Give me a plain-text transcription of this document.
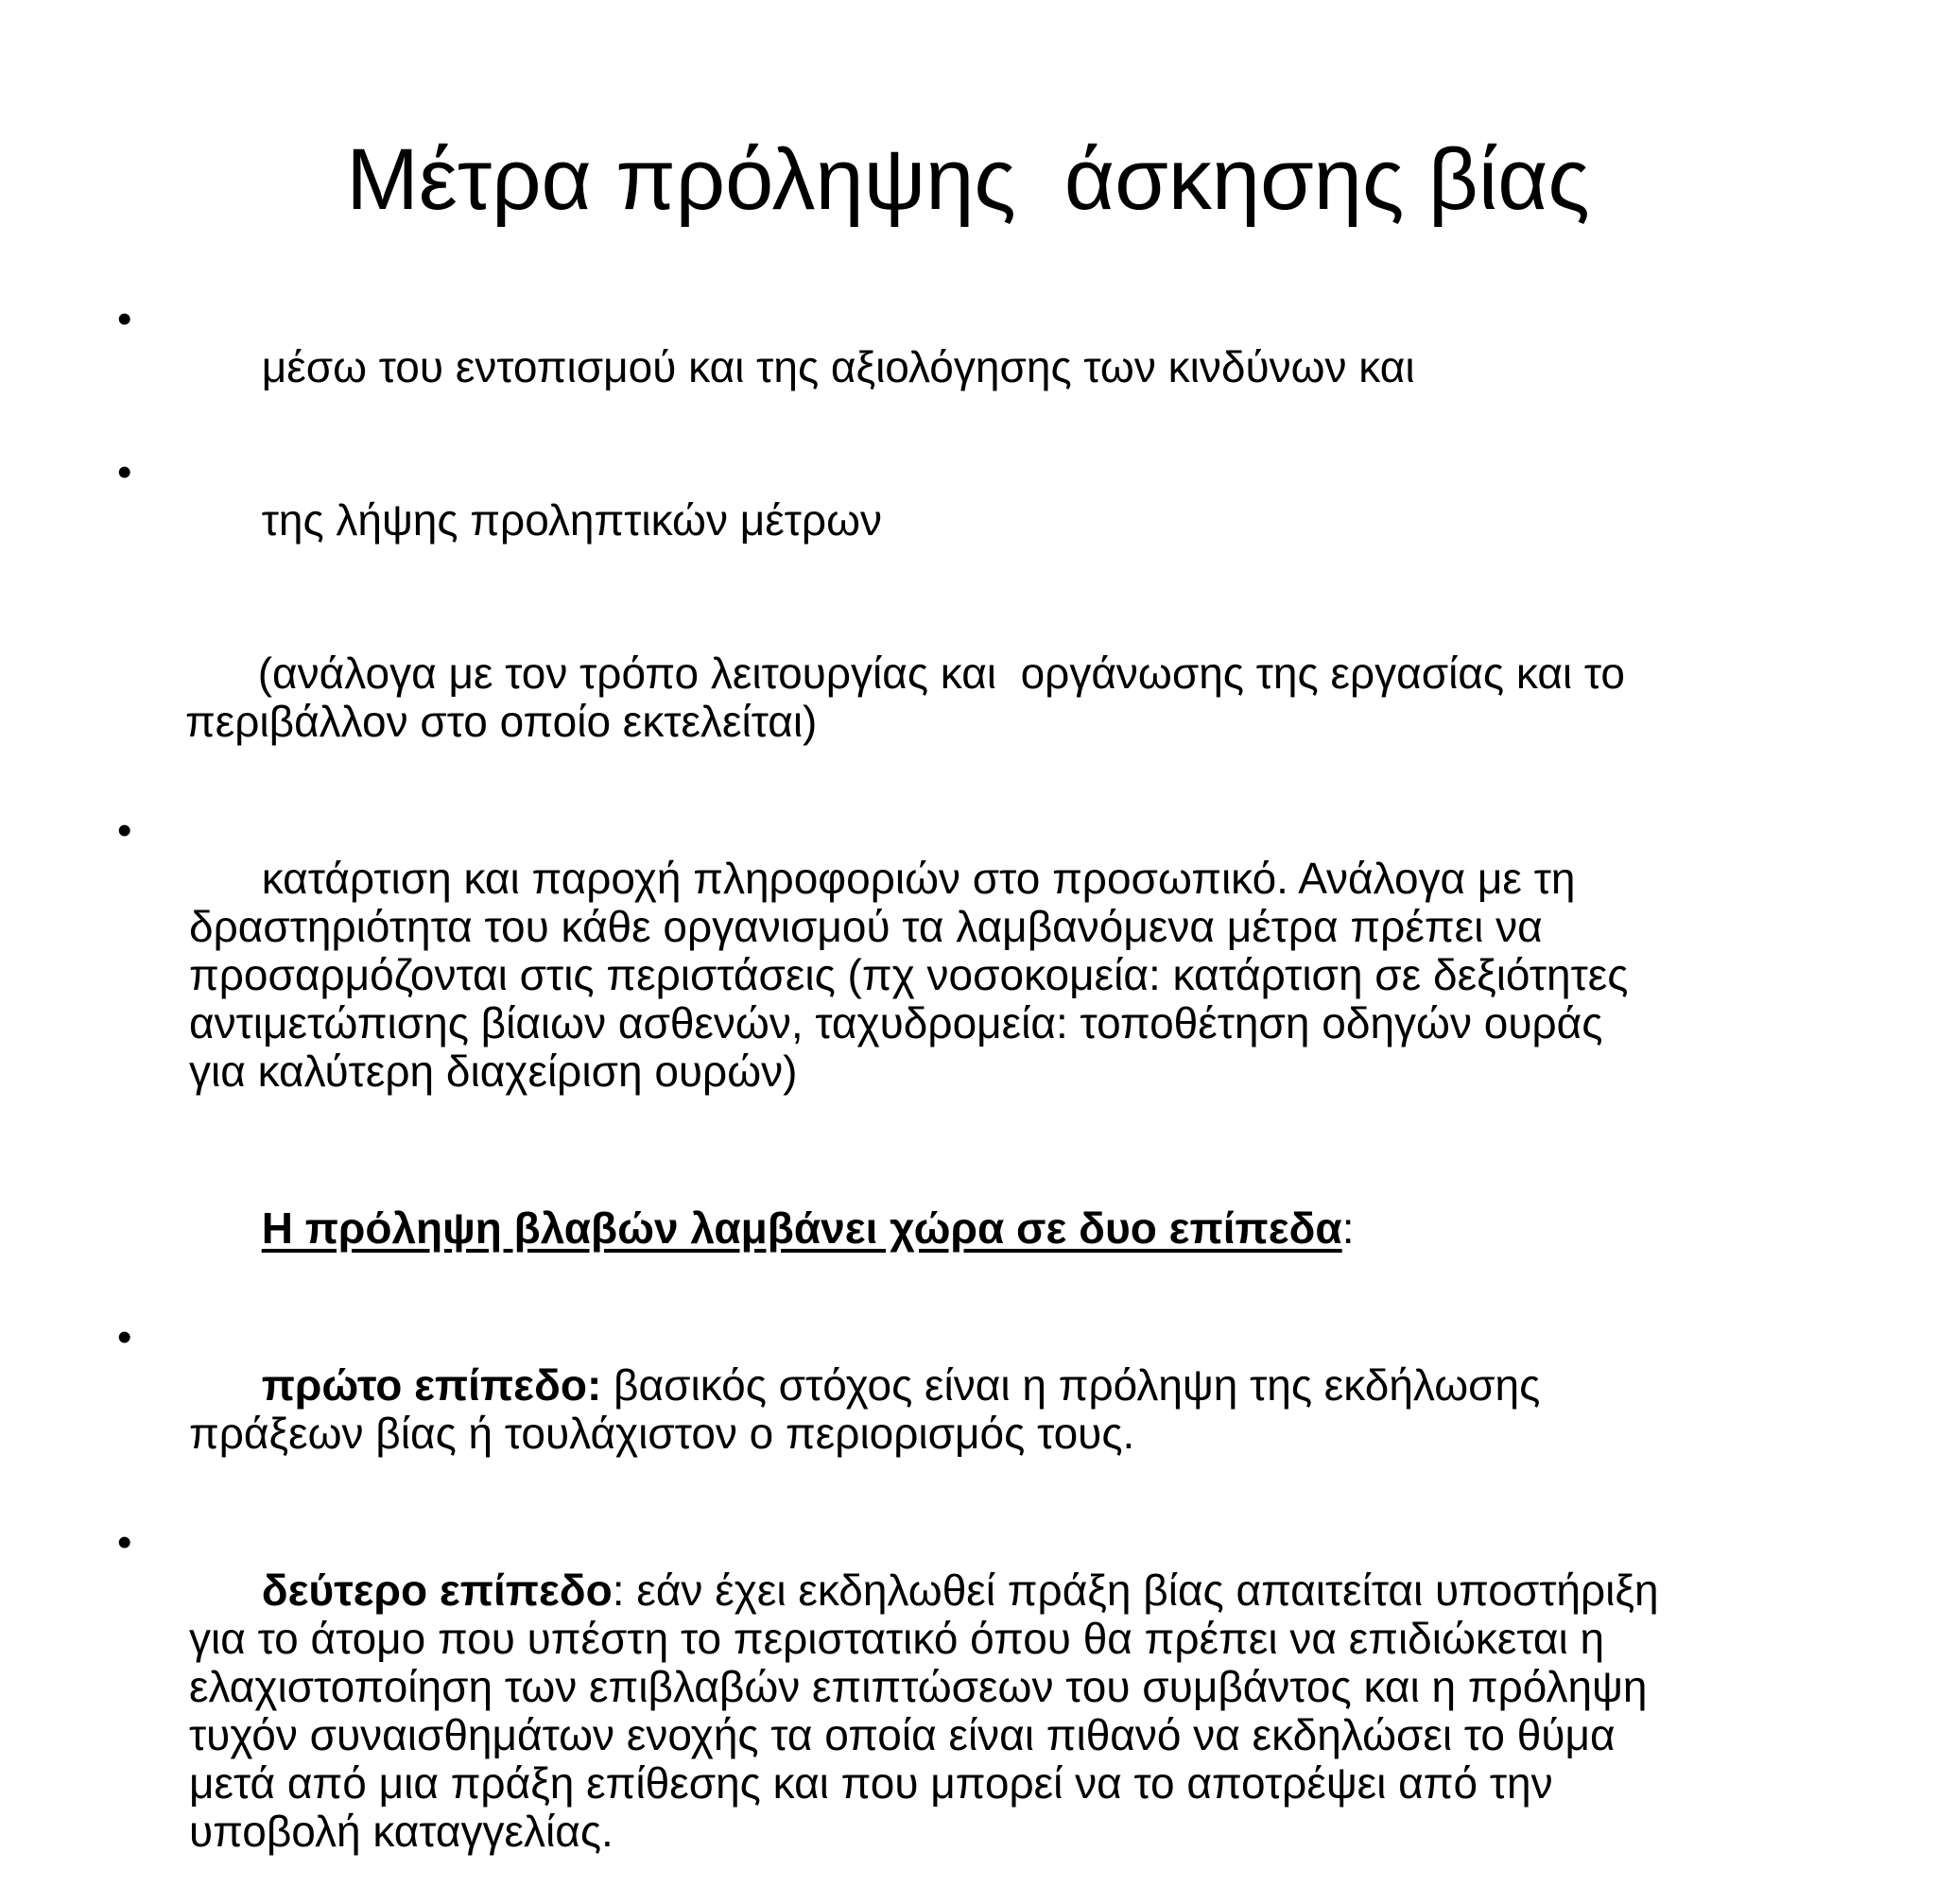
Μέτρα πρόληψης  άσκησης βίας

• μέσω του εντοπισμού και της αξιολόγησης των κινδύνων και

• της λήψης προληπτικών μέτρων

(ανάλογα με τον τρόπο λειτουργίας και  οργάνωσης της εργασίας και το
περιβάλλον στο οποίο εκτελείται)

• κατάρτιση και παροχή πληροφοριών στο προσωπικό. Ανάλογα με τη
δραστηριότητα του κάθε οργανισμού τα λαμβανόμενα μέτρα πρέπει να
προσαρμόζονται στις περιστάσεις (πχ νοσοκομεία: κατάρτιση σε δεξιότητες
αντιμετώπισης βίαιων ασθενών, ταχυδρομεία: τοποθέτηση οδηγών ουράς
για καλύτερη διαχείριση ουρών)

Η πρόληψη βλαβών λαμβάνει χώρα σε δυο επίπεδα:

• πρώτο επίπεδο: βασικός στόχος είναι η πρόληψη της εκδήλωσης
πράξεων βίας ή τουλάχιστον ο περιορισμός τους.

• δεύτερο επίπεδο: εάν έχει εκδηλωθεί πράξη βίας απαιτείται υποστήριξη
για το άτομο που υπέστη το περιστατικό όπου θα πρέπει να επιδιώκεται η
ελαχιστοποίηση των επιβλαβών επιπτώσεων του συμβάντος και η πρόληψη
τυχόν συναισθημάτων ενοχής τα οποία είναι πιθανό να εκδηλώσει το θύμα
μετά από μια πράξη επίθεσης και που μπορεί να το αποτρέψει από την
υποβολή καταγγελίας.
